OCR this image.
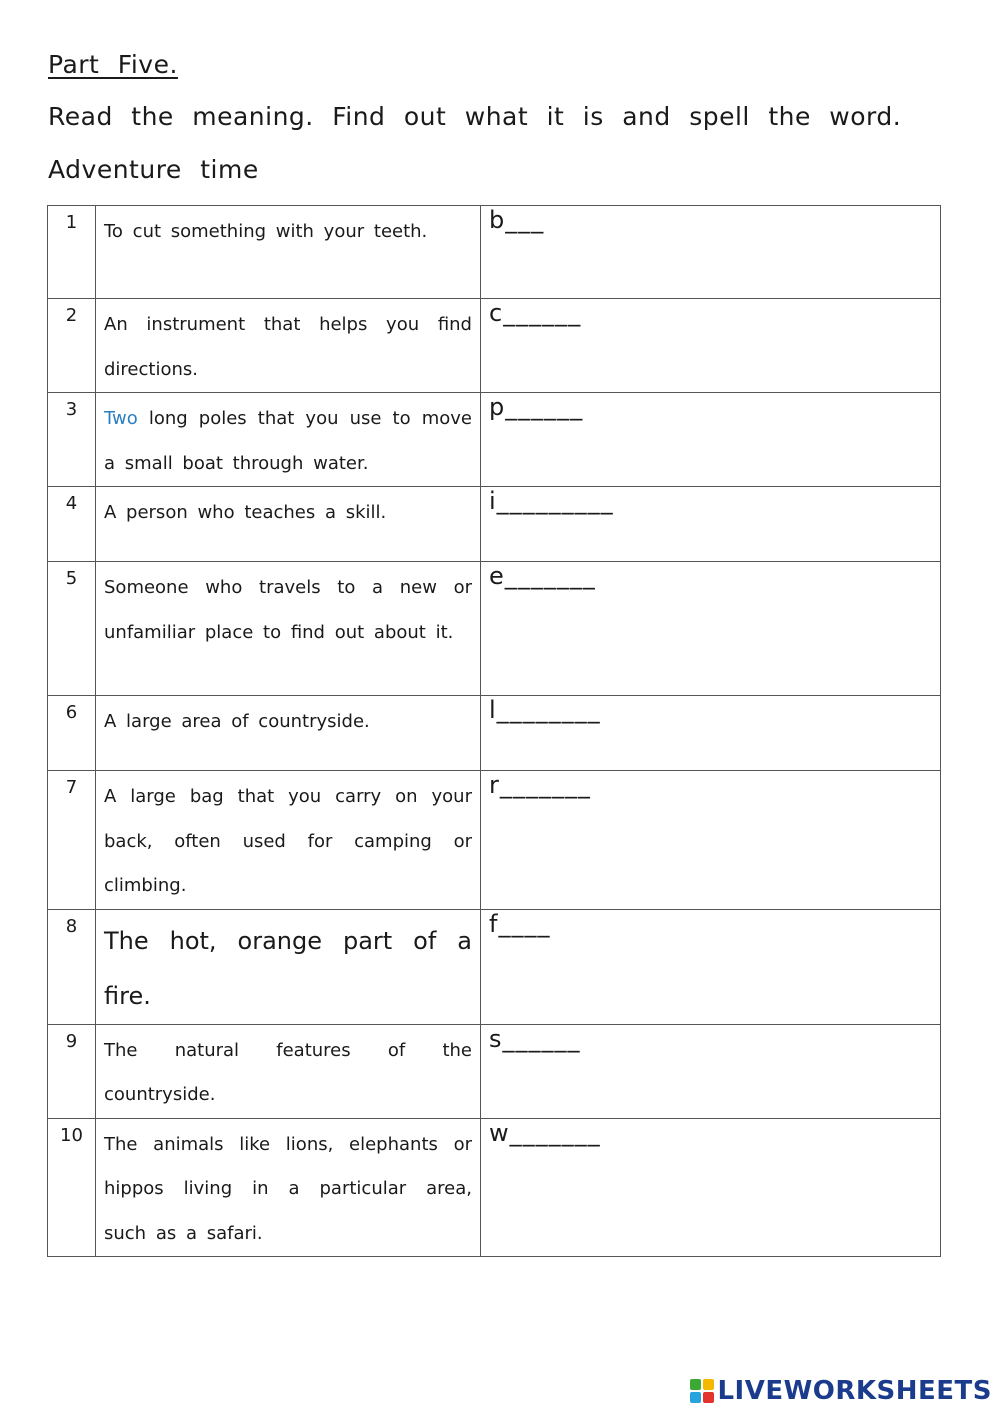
Part Five.
Read the meaning. Find out what it is and spell the word.
Adventure time
1	To cut something with your teeth.	b___
2	An instrument that helps you find directions.	c______
3	Two long poles that you use to move a small boat through water.	p______
4	A person who teaches a skill.	i_________
5	Someone who travels to a new or unfamiliar place to find out about it.	e_______
6	A large area of countryside.	l________
7	A large bag that you carry on your back, often used for camping or climbing.	r_______
8	The hot, orange part of a fire.	f____
9	The natural features of the countryside.	s______
10	The animals like lions, elephants or hippos living in a particular area, such as a safari.	w_______
LIVEWORKSHEETS
